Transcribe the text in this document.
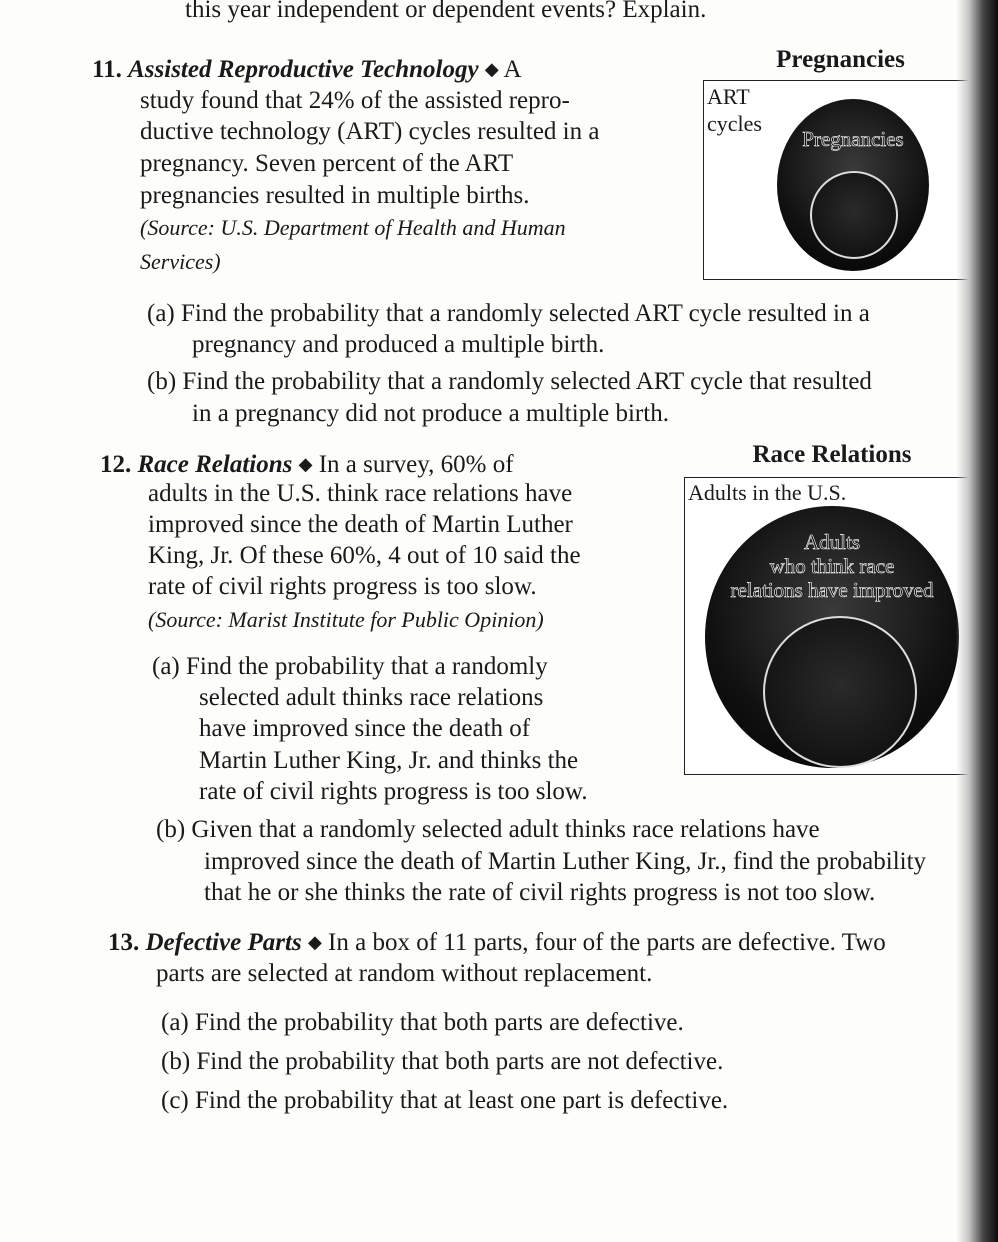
this year independent or dependent events? Explain.
11. Assisted Reproductive Technology ◆ A
study found that 24% of the assisted repro-
ductive technology (ART) cycles resulted in a
pregnancy. Seven percent of the ART
pregnancies resulted in multiple births.
(Source: U.S. Department of Health and Human
Services)
Pregnancies
ART
cycles
Pregnancies
(a) Find the probability that a randomly selected ART cycle resulted in a
pregnancy and produced a multiple birth.
(b) Find the probability that a randomly selected ART cycle that resulted
in a pregnancy did not produce a multiple birth.
12. Race Relations ◆ In a survey, 60% of
adults in the U.S. think race relations have
improved since the death of Martin Luther
King, Jr. Of these 60%, 4 out of 10 said the
rate of civil rights progress is too slow.
(Source: Marist Institute for Public Opinion)
Race Relations
Adults in the U.S.
Adults
who think race
relations have improved
(a) Find the probability that a randomly
selected adult thinks race relations
have improved since the death of
Martin Luther King, Jr. and thinks the
rate of civil rights progress is too slow.
(b) Given that a randomly selected adult thinks race relations have
improved since the death of Martin Luther King, Jr., find the probability
that he or she thinks the rate of civil rights progress is not too slow.
13. Defective Parts ◆ In a box of 11 parts, four of the parts are defective. Two
parts are selected at random without replacement.
(a) Find the probability that both parts are defective.
(b) Find the probability that both parts are not defective.
(c) Find the probability that at least one part is defective.
